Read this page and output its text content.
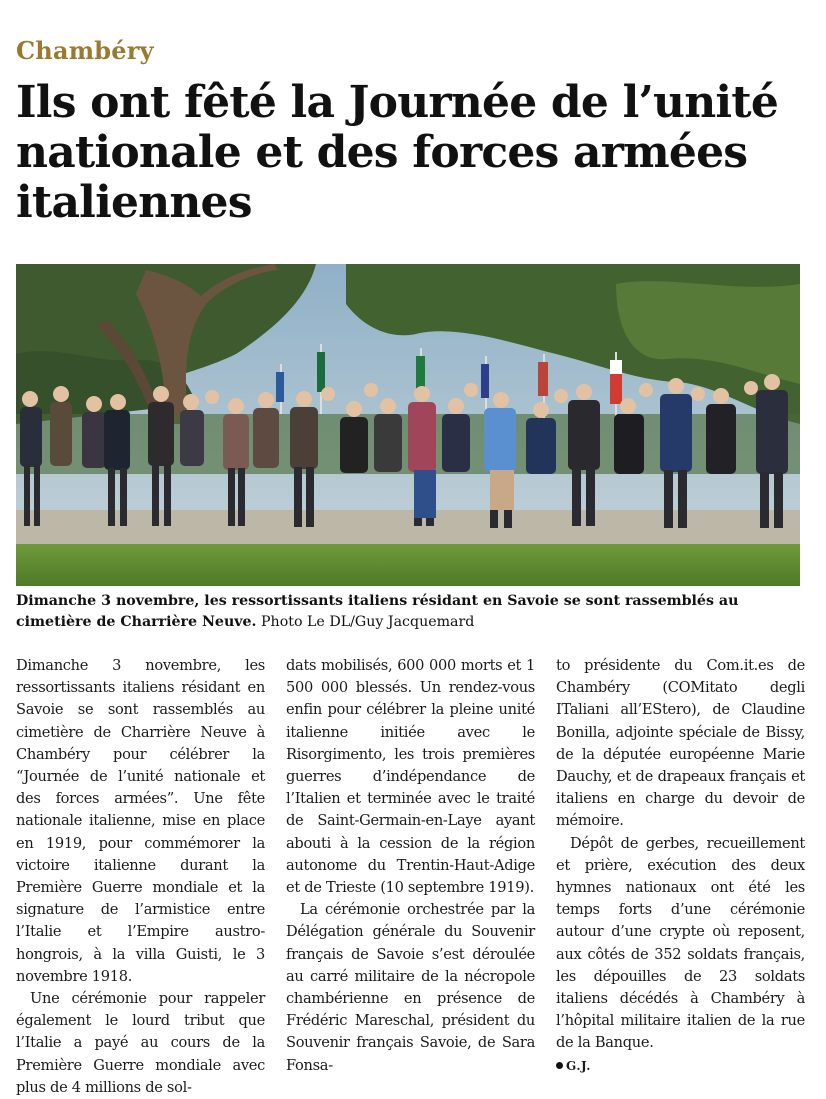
Chambéry
Ils ont fêté la Journée de l’unité nationale et des forces armées italiennes
Dimanche 3 novembre, les ressortissants italiens résidant en Savoie se sont rassemblés au cimetière de Charrière Neuve. Photo Le DL/Guy Jacquemard

Dimanche 3 novembre, les ressortissants italiens résidant en Savoie se sont rassemblés au cimetière de Charrière Neuve à Chambéry pour célébrer la “Journée de l’unité nationale et des forces armées”. Une fête nationale italienne, mise en place en 1919, pour commémorer la victoire italienne durant la Première Guerre mondiale et la signature de l’armistice entre l’Italie et l’Empire austro-hongrois, à la villa Guisti, le 3 novembre 1918.

Une cérémonie pour rappeler également le lourd tribut que l’Italie a payé au cours de la Première Guerre mondiale avec plus de 4 millions de sol-

dats mobilisés, 600 000 morts et 1 500 000 blessés. Un rendez-vous enfin pour célébrer la pleine unité italienne initiée avec le Risorgimento, les trois premières guerres d’indépendance de l’Italien et terminée avec le traité de Saint-Germain-en-Laye ayant abouti à la cession de la région autonome du Trentin-Haut-Adige et de Trieste (10 septembre 1919).

La cérémonie orchestrée par la Délégation générale du Souvenir français de Savoie s’est déroulée au carré militaire de la nécropole chambérienne en présence de Frédéric Mareschal, président du Souvenir français Savoie, de Sara Fonsa-

to présidente du Com.it.es de Chambéry (COMitato degli ITaliani all’EStero), de Claudine Bonilla, adjointe spéciale de Bissy, de la députée européenne Marie Dauchy, et de drapeaux français et italiens en charge du devoir de mémoire.

Dépôt de gerbes, recueillement et prière, exécution des deux hymnes nationaux ont été les temps forts d’une cérémonie autour d’une crypte où reposent, aux côtés de 352 soldats français, les dépouilles de 23 soldats italiens décédés à Chambéry à l’hôpital militaire italien de la rue de la Banque.

G.J.
